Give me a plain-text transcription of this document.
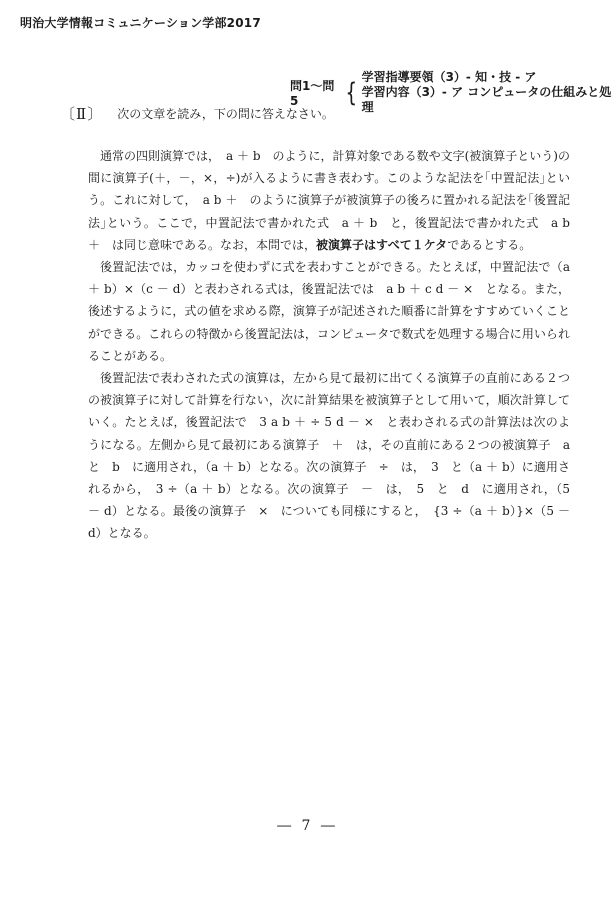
明治大学情報コミュニケーション学部2017
問1～問5	{
学習指導要領（3）- 知・技 - ア
学習内容（3）- ア コンピュータの仕組みと処理
〔Ⅱ〕 次の文章を読み，下の問に答えなさい。

通常の四則演算では，　a ＋ b　のように，計算対象である数や文字(被演算子という)の間に演算子(＋，－，×，÷)が入るように書き表わす。このような記法を｢中置記法｣という。これに対して，　a b ＋　のように演算子が被演算子の後ろに置かれる記法を｢後置記法｣という。ここで，中置記法で書かれた式　a ＋ b　と，後置記法で書かれた式　a b ＋　は同じ意味である。なお，本問では，被演算子はすべて１ケタであるとする。

後置記法では，カッコを使わずに式を表わすことができる。たとえば，中置記法で（a ＋ b）×（c － d）と表わされる式は，後置記法では　a b ＋ c d － ×　となる。また，後述するように，式の値を求める際，演算子が記述された順番に計算をすすめていくことができる。これらの特徴から後置記法は，コンピュータで数式を処理する場合に用いられることがある。

後置記法で表わされた式の演算は，左から見て最初に出てくる演算子の直前にある２つの被演算子に対して計算を行ない，次に計算結果を被演算子として用いて，順次計算していく。たとえば，後置記法で　3 a b ＋ ÷ 5 d － ×　と表わされる式の計算法は次のようになる。左側から見て最初にある演算子　＋　は，その直前にある２つの被演算子　a　と　b　に適用され，（a ＋ b）となる。次の演算子　÷　は，　3　と（a ＋ b）に適用されるから，　3 ÷（a ＋ b）となる。次の演算子　－　は，　5　と　d　に適用され，（5 － d）となる。最後の演算子　×　についても同様にすると，　{3 ÷（a ＋ b）}×（5 － d）となる。

― 7 ―
